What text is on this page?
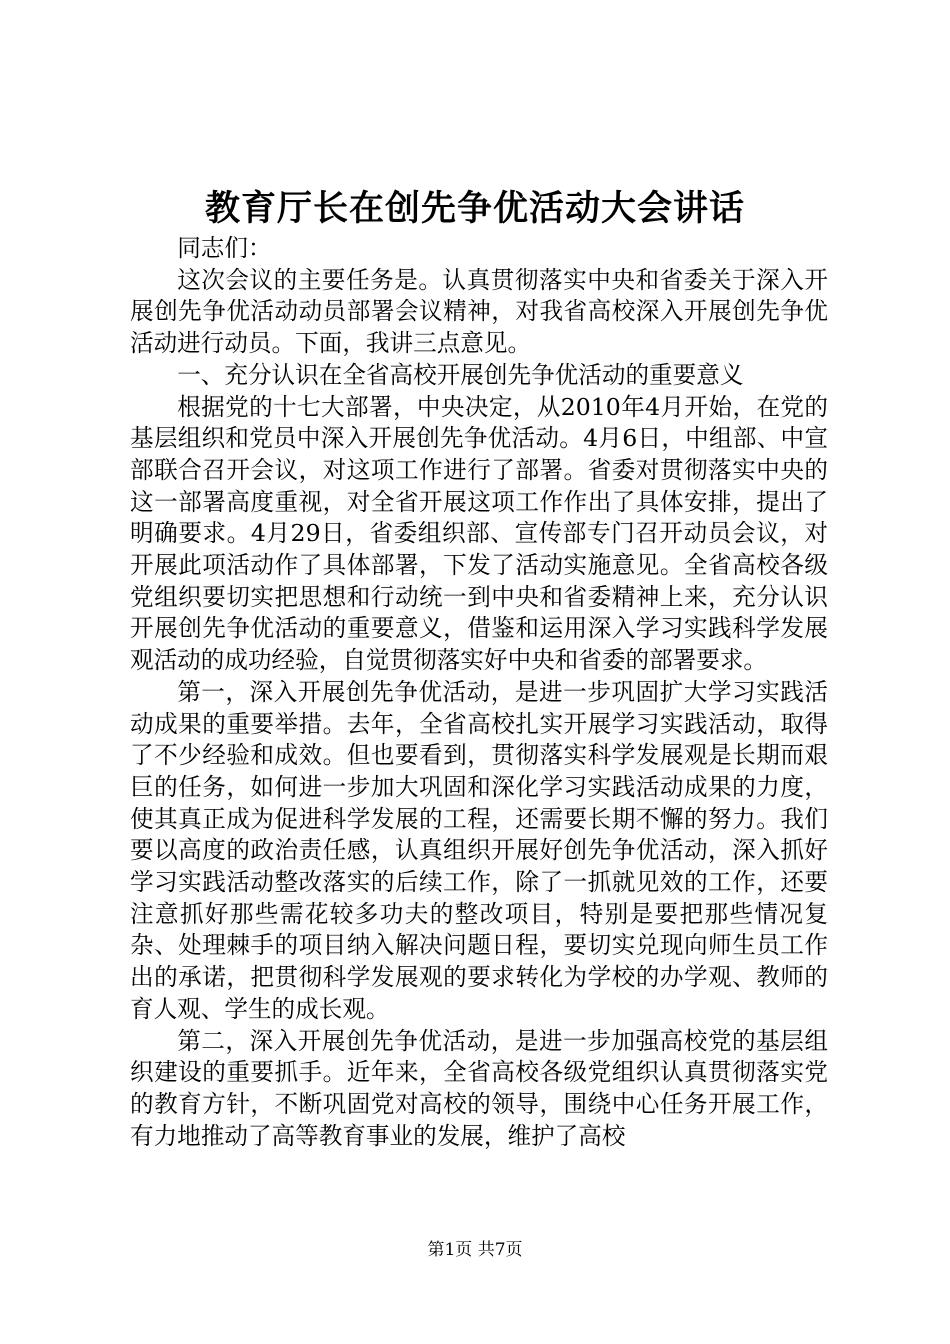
教育厅长在创先争优活动大会讲话

同志们：

这次会议的主要任务是。认真贯彻落实中央和省委关于深入开展创先争优活动动员部署会议精神，对我省高校深入开展创先争优活动进行动员。下面，我讲三点意见。

一、充分认识在全省高校开展创先争优活动的重要意义

根据党的十七大部署，中央决定，从2010年4月开始，在党的基层组织和党员中深入开展创先争优活动。4月6日，中组部、中宣部联合召开会议，对这项工作进行了部署。省委对贯彻落实中央的这一部署高度重视，对全省开展这项工作作出了具体安排，提出了明确要求。4月29日，省委组织部、宣传部专门召开动员会议，对开展此项活动作了具体部署，下发了活动实施意见。全省高校各级党组织要切实把思想和行动统一到中央和省委精神上来，充分认识开展创先争优活动的重要意义，借鉴和运用深入学习实践科学发展观活动的成功经验，自觉贯彻落实好中央和省委的部署要求。

第一，深入开展创先争优活动，是进一步巩固扩大学习实践活动成果的重要举措。去年，全省高校扎实开展学习实践活动，取得了不少经验和成效。但也要看到，贯彻落实科学发展观是长期而艰巨的任务，如何进一步加大巩固和深化学习实践活动成果的力度，使其真正成为促进科学发展的工程，还需要长期不懈的努力。我们要以高度的政治责任感，认真组织开展好创先争优活动，深入抓好学习实践活动整改落实的后续工作，除了一抓就见效的工作，还要注意抓好那些需花较多功夫的整改项目，特别是要把那些情况复杂、处理棘手的项目纳入解决问题日程，要切实兑现向师生员工作出的承诺，把贯彻科学发展观的要求转化为学校的办学观、教师的育人观、学生的成长观。

第二，深入开展创先争优活动，是进一步加强高校党的基层组织建设的重要抓手。近年来，全省高校各级党组织认真贯彻落实党的教育方针，不断巩固党对高校的领导，围绕中心任务开展工作，有力地推动了高等教育事业的发展，维护了高校

第1页 共7页
